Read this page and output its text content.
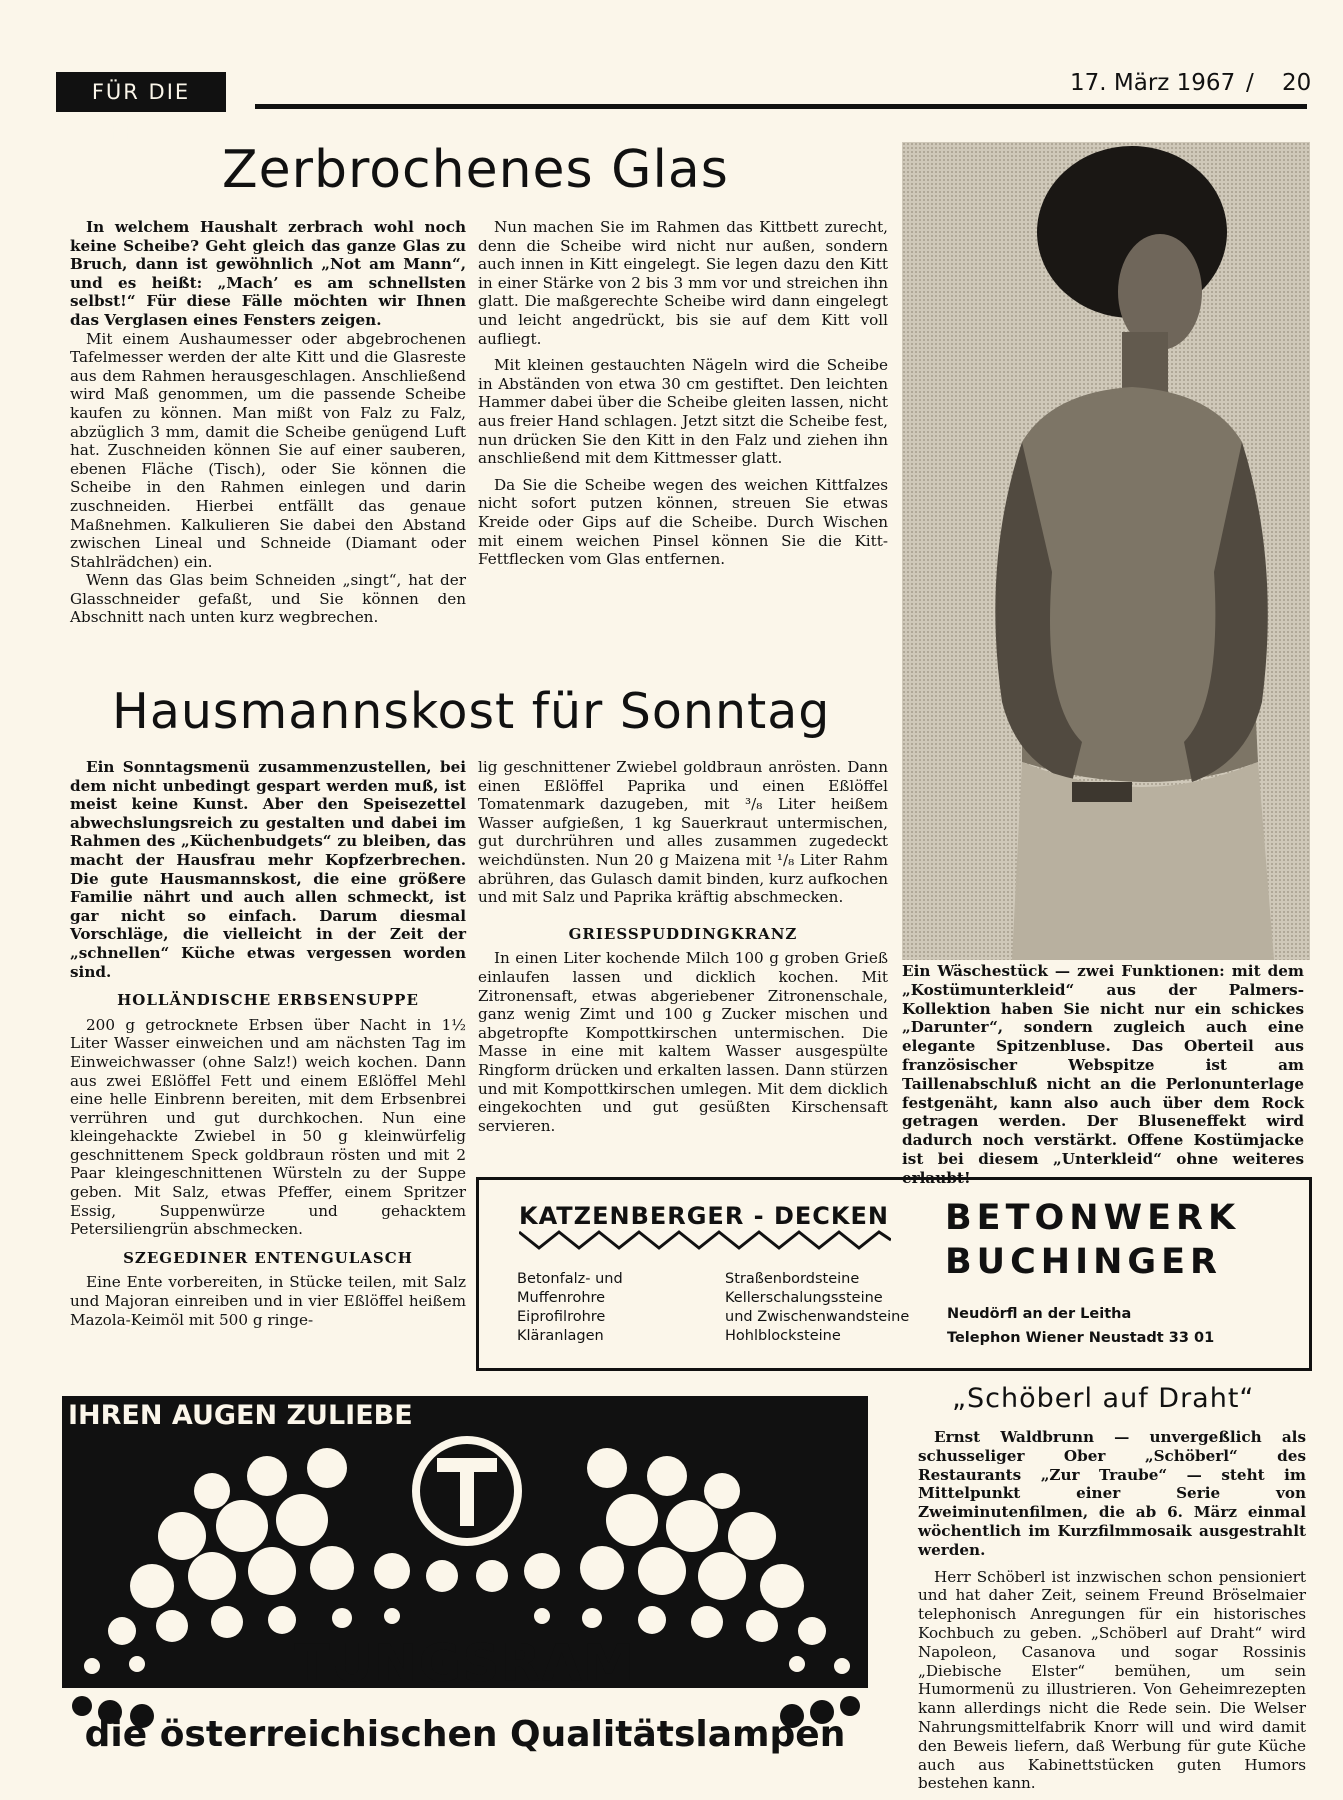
FÜR DIE FRAU
17. März 1967 / 20
Zerbrochenes Glas

In welchem Haushalt zerbrach wohl noch keine Scheibe? Geht gleich das ganze Glas zu Bruch, dann ist gewöhnlich „Not am Mann“, und es heißt: „Mach’ es am schnellsten selbst!“ Für diese Fälle möchten wir Ihnen das Verglasen eines Fensters zeigen.

Mit einem Aushaumesser oder abgebrochenen Tafelmesser werden der alte Kitt und die Glasreste aus dem Rahmen herausgeschlagen. Anschließend wird Maß genommen, um die passende Scheibe kaufen zu können. Man mißt von Falz zu Falz, abzüglich 3 mm, damit die Scheibe genügend Luft hat. Zuschneiden können Sie auf einer sauberen, ebenen Fläche (Tisch), oder Sie können die Scheibe in den Rahmen einlegen und darin zuschneiden. Hierbei entfällt das genaue Maßnehmen. Kalkulieren Sie dabei den Abstand zwischen Lineal und Schneide (Diamant oder Stahlrädchen) ein.

Wenn das Glas beim Schneiden „singt“, hat der Glasschneider gefaßt, und Sie können den Abschnitt nach unten kurz wegbrechen.

Nun machen Sie im Rahmen das Kittbett zurecht, denn die Scheibe wird nicht nur außen, sondern auch innen in Kitt eingelegt. Sie legen dazu den Kitt in einer Stärke von 2 bis 3 mm vor und streichen ihn glatt. Die maßgerechte Scheibe wird dann eingelegt und leicht angedrückt, bis sie auf dem Kitt voll aufliegt.

Mit kleinen gestauchten Nägeln wird die Scheibe in Abständen von etwa 30 cm gestiftet. Den leichten Hammer dabei über die Scheibe gleiten lassen, nicht aus freier Hand schlagen. Jetzt sitzt die Scheibe fest, nun drücken Sie den Kitt in den Falz und ziehen ihn anschließend mit dem Kittmesser glatt.

Da Sie die Scheibe wegen des weichen Kittfalzes nicht sofort putzen können, streuen Sie etwas Kreide oder Gips auf die Scheibe. Durch Wischen mit einem weichen Pinsel können Sie die Kitt-Fettflecken vom Glas entfernen.

Ein Wäschestück — zwei Funktionen: mit dem „Kostümunterkleid“ aus der Palmers-Kollektion haben Sie nicht nur ein schickes „Darunter“, sondern zugleich auch eine elegante Spitzenbluse. Das Oberteil aus französischer Webspitze ist am Taillenabschluß nicht an die Perlonunterlage festgenäht, kann also auch über dem Rock getragen werden. Der Bluseneffekt wird dadurch noch verstärkt. Offene Kostümjacke ist bei diesem „Unterkleid“ ohne weiteres erlaubt!
Hausmannskost für Sonntag

Ein Sonntagsmenü zusammenzustellen, bei dem nicht unbedingt gespart werden muß, ist meist keine Kunst. Aber den Speisezettel abwechslungsreich zu gestalten und dabei im Rahmen des „Küchenbudgets“ zu bleiben, das macht der Hausfrau mehr Kopfzerbrechen. Die gute Hausmannskost, die eine größere Familie nährt und auch allen schmeckt, ist gar nicht so einfach. Darum diesmal Vorschläge, die vielleicht in der Zeit der „schnellen“ Küche etwas vergessen worden sind.

HOLLÄNDISCHE ERBSENSUPPE

200 g getrocknete Erbsen über Nacht in 1½ Liter Wasser einweichen und am nächsten Tag im Einweichwasser (ohne Salz!) weich kochen. Dann aus zwei Eßlöffel Fett und einem Eßlöffel Mehl eine helle Einbrenn bereiten, mit dem Erbsenbrei verrühren und gut durchkochen. Nun eine kleingehackte Zwiebel in 50 g kleinwürfelig geschnittenem Speck goldbraun rösten und mit 2 Paar kleingeschnittenen Würsteln zu der Suppe geben. Mit Salz, etwas Pfeffer, einem Spritzer Essig, Suppenwürze und gehacktem Petersiliengrün abschmecken.

SZEGEDINER ENTENGULASCH

Eine Ente vorbereiten, in Stücke teilen, mit Salz und Majoran einreiben und in vier Eßlöffel heißem Mazola-Keimöl mit 500 g ringe-

lig geschnittener Zwiebel goldbraun anrösten. Dann einen Eßlöffel Paprika und einen Eßlöffel Tomatenmark dazugeben, mit ³/₈ Liter heißem Wasser aufgießen, 1 kg Sauerkraut untermischen, gut durchrühren und alles zusammen zugedeckt weichdünsten. Nun 20 g Maizena mit ¹/₈ Liter Rahm abrühren, das Gulasch damit binden, kurz aufkochen und mit Salz und Paprika kräftig abschmecken.

GRIESSPUDDINGKRANZ

In einen Liter kochende Milch 100 g groben Grieß einlaufen lassen und dicklich kochen. Mit Zitronensaft, etwas abgeriebener Zitronenschale, ganz wenig Zimt und 100 g Zucker mischen und abgetropfte Kompottkirschen untermischen. Die Masse in eine mit kaltem Wasser ausgespülte Ringform drücken und erkalten lassen. Dann stürzen und mit Kompottkirschen umlegen. Mit dem dicklich eingekochten und gut gesüßten Kirschensaft servieren.

KATZENBERGER - DECKEN
Betonfalz- und
Muffenrohre
Eiprofilrohre
Kläranlagen
Straßenbordsteine
Kellerschalungssteine
und Zwischenwandsteine
Hohlblocksteine
BETONWERK
BUCHINGER
Neudörfl an der Leitha
Telephon Wiener Neustadt 33 01
IHREN AUGEN ZULIEBE
TUNGSRAM
die österreichischen Qualitätslampen
„Schöberl auf Draht“

Ernst Waldbrunn — unvergeßlich als schusseliger Ober „Schöberl“ des Restaurants „Zur Traube“ — steht im Mittelpunkt einer Serie von Zweiminutenfilmen, die ab 6. März einmal wöchentlich im Kurzfilmmosaik ausgestrahlt werden.

Herr Schöberl ist inzwischen schon pensioniert und hat daher Zeit, seinem Freund Bröselmaier telephonisch Anregungen für ein historisches Kochbuch zu geben. „Schöberl auf Draht“ wird Napoleon, Casanova und sogar Rossinis „Diebische Elster“ bemühen, um sein Humormenü zu illustrieren. Von Geheimrezepten kann allerdings nicht die Rede sein. Die Welser Nahrungsmittelfabrik Knorr will und wird damit den Beweis liefern, daß Werbung für gute Küche auch aus Kabinettstücken guten Humors bestehen kann.
